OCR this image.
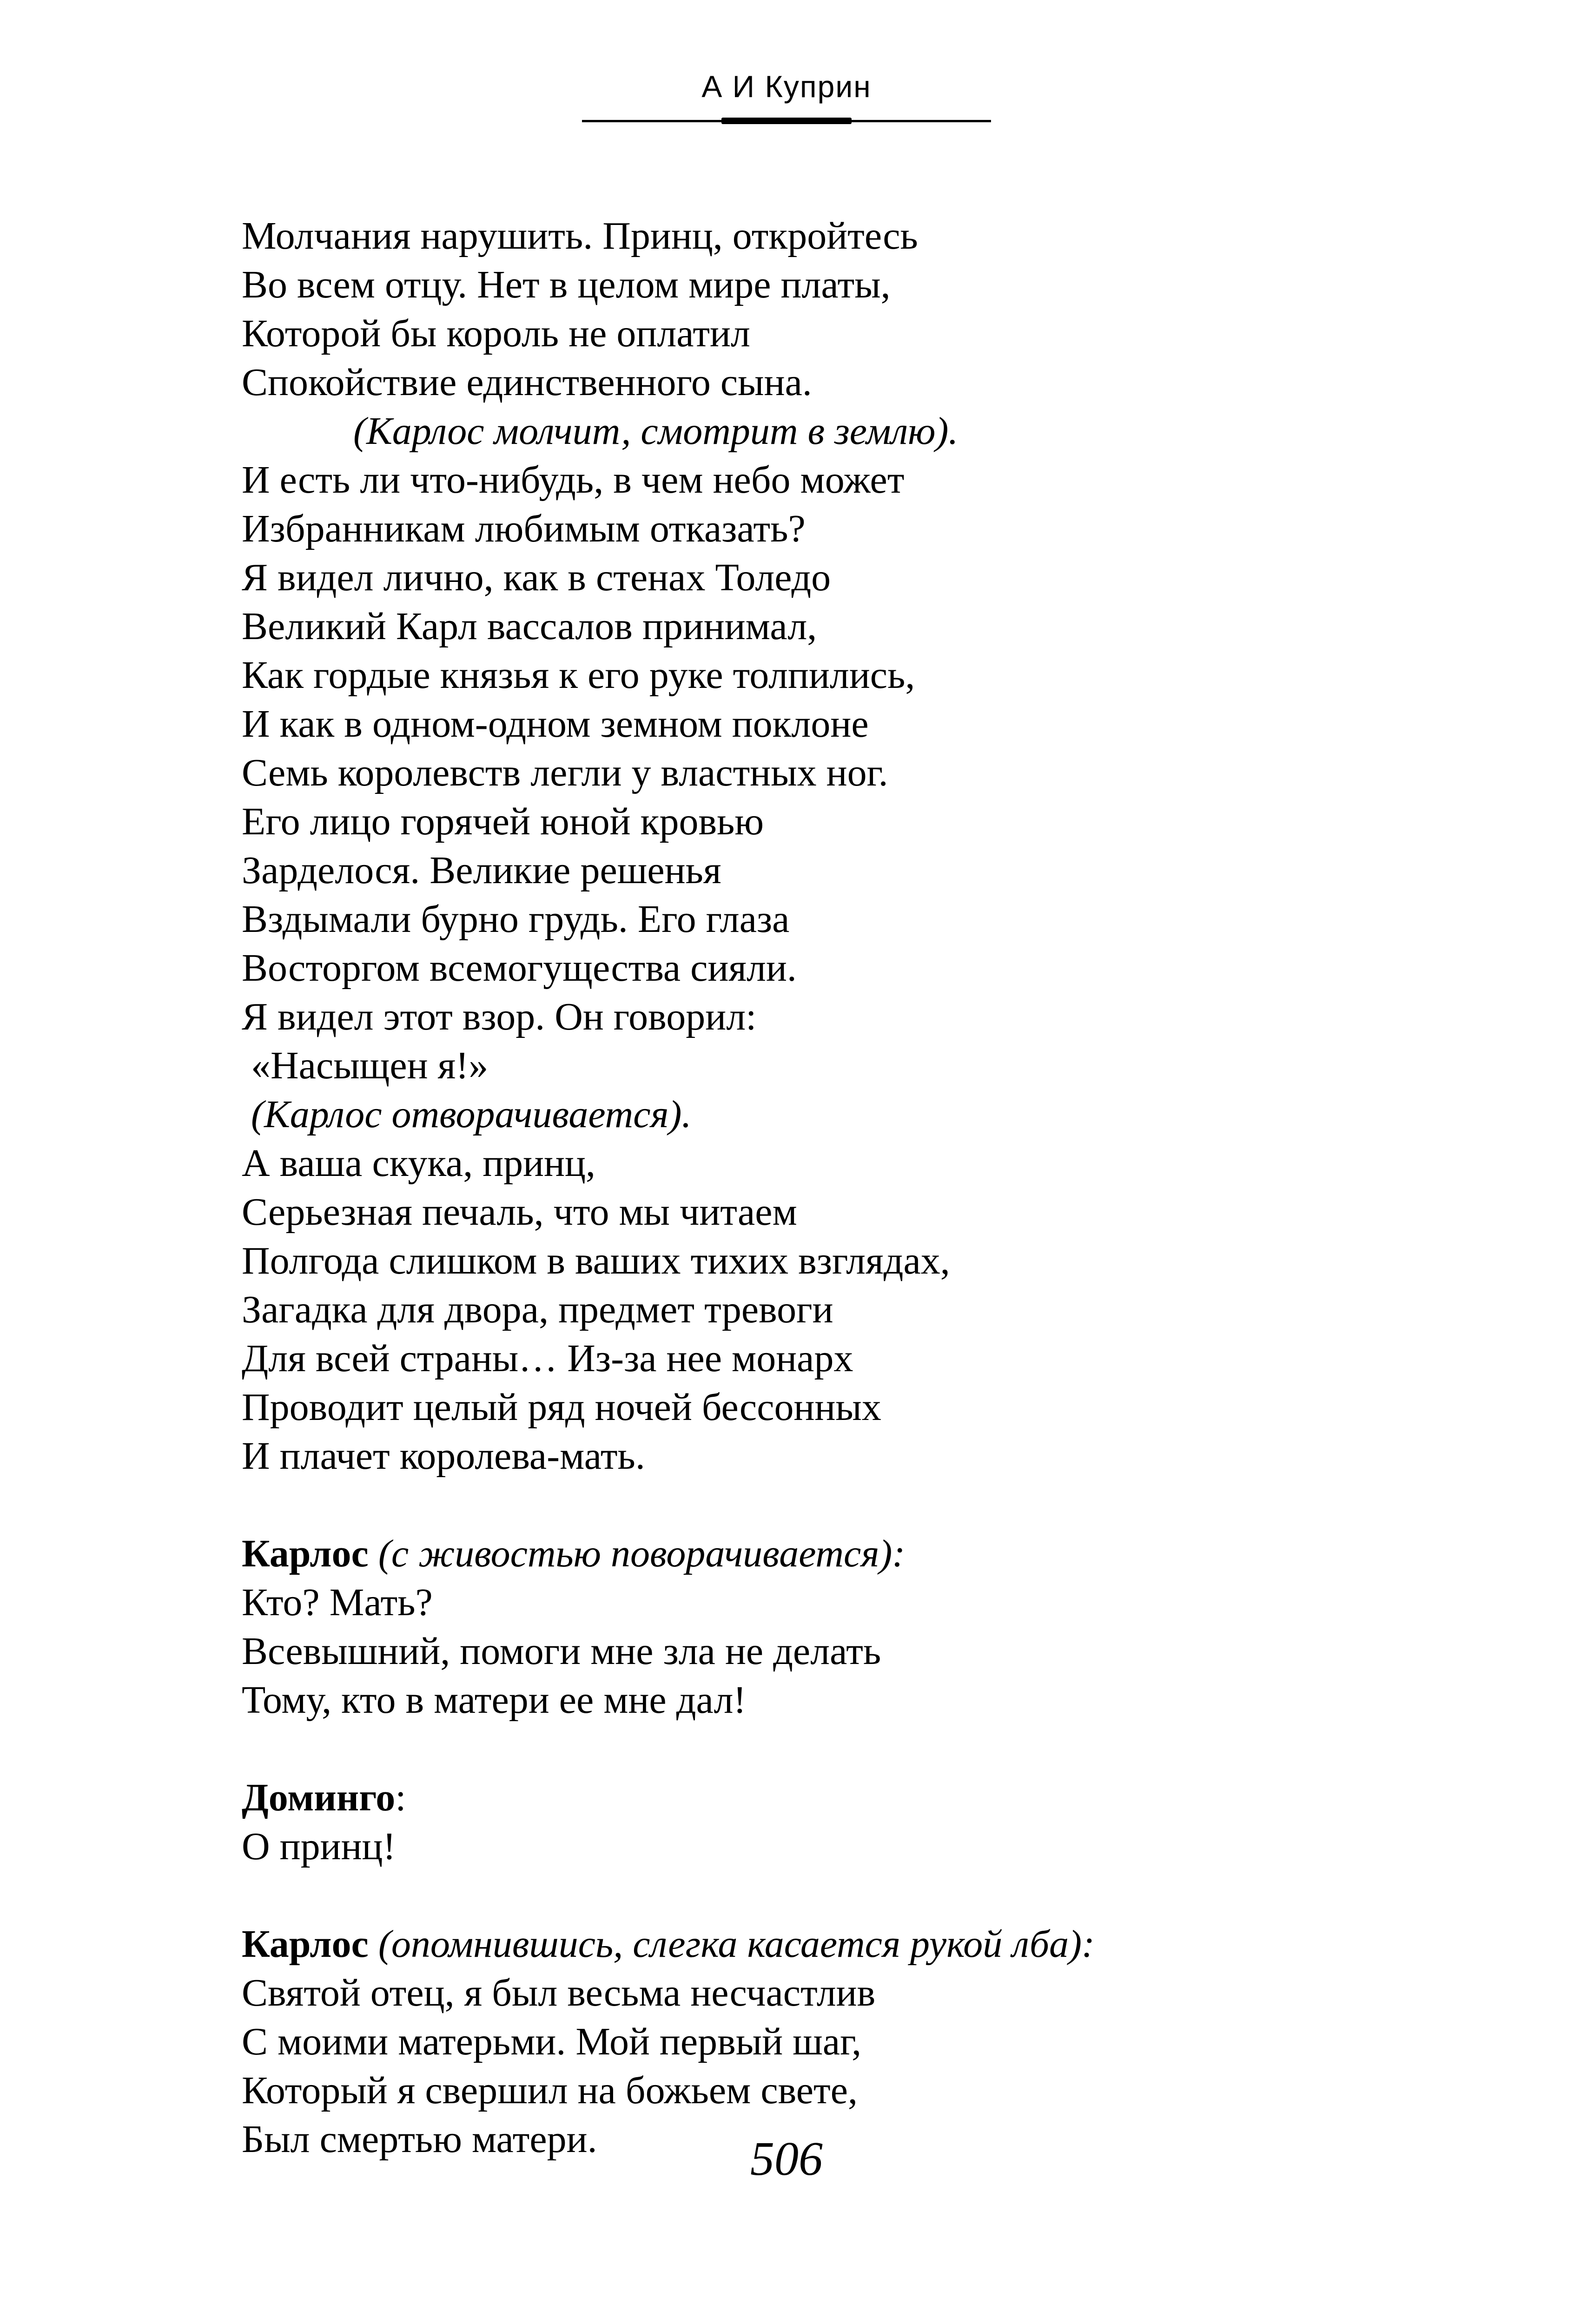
А И Куприн
Молчания нарушить. Принц, откройтесь
Во всем отцу. Нет в целом мире платы,
Которой бы король не оплатил
Спокойствие единственного сына.
(Карлос молчит, смотрит в землю).
И есть ли что-нибудь, в чем небо может
Избранникам любимым отказать?
Я видел лично, как в стенах Толедо
Великий Карл вассалов принимал,
Как гордые князья к его руке толпились,
И как в одном-одном земном поклоне
Семь королевств легли у властных ног.
Его лицо горячей юной кровью
Зарделося. Великие решенья
Вздымали бурно грудь. Его глаза
Восторгом всемогущества сияли.
Я видел этот взор. Он говорил:
«Насыщен я!»
(Карлос отворачивается).
А ваша скука, принц,
Серьезная печаль, что мы читаем
Полгода слишком в ваших тихих взглядах,
Загадка для двора, предмет тревоги
Для всей страны… Из-за нее монарх
Проводит целый ряд ночей бессонных
И плачет королева-мать.
Карлос (с живостью поворачивается):
Кто? Мать?
Всевышний, помоги мне зла не делать
Тому, кто в матери ее мне дал!
Доминго:
О принц!
Карлос (опомнившись, слегка касается рукой лба):
Святой отец, я был весьма несчастлив
С моими матерьми. Мой первый шаг,
Который я свершил на божьем свете,
Был смертью матери.	506
